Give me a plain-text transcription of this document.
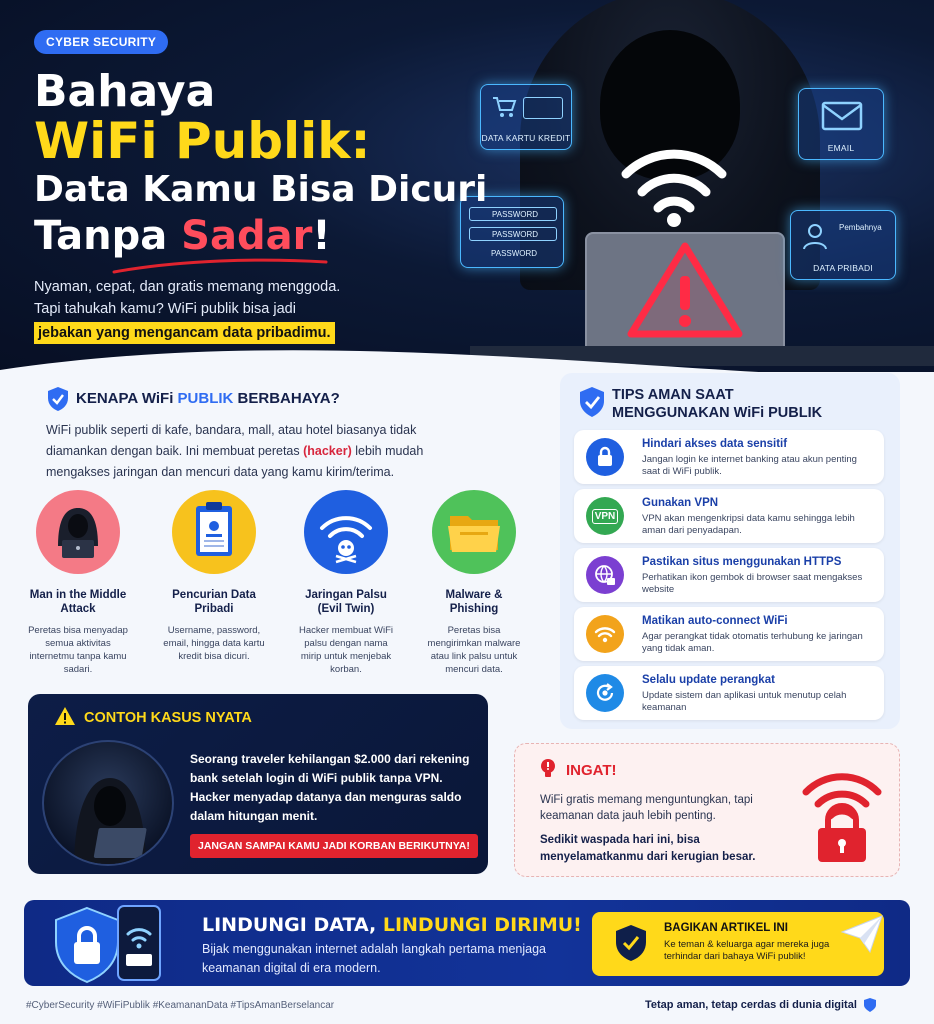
DATA KARTU KREDIT
PASSWORD
PASSWORD
PASSWORD
EMAIL
Pembahnya
DATA PRIBADI
CYBER SECURITY
Bahaya
WiFi Publik:
Data Kamu Bisa Dicuri
Tanpa Sadar!
Nyaman, cepat, dan gratis memang menggoda.
Tapi tahukah kamu? WiFi publik bisa jadi
jebakan yang mengancam data pribadimu.
KENAPA WiFi PUBLIK BERBAHAYA?
WiFi publik seperti di kafe, bandara, mall, atau hotel biasanya tidak diamankan dengan baik. Ini membuat peretas (hacker) lebih mudah mengakses jaringan dan mencuri data yang kamu kirim/terima.
Man in the Middle Attack
Peretas bisa menyadap semua aktivitas internetmu tanpa kamu sadari.
Pencurian Data Pribadi
Username, password, email, hingga data kartu kredit bisa dicuri.
Jaringan Palsu (Evil Twin)
Hacker membuat WiFi palsu dengan nama mirip untuk menjebak korban.
Malware & Phishing
Peretas bisa mengirimkan malware atau link palsu untuk mencuri data.
TIPS AMAN SAAT
MENGGUNAKAN WiFi PUBLIK
Hindari akses data sensitif
Jangan login ke internet banking atau akun penting saat di WiFi publik.
VPN
Gunakan VPN
VPN akan mengenkripsi data kamu sehingga lebih aman dari penyadapan.
Pastikan situs menggunakan HTTPS
Perhatikan ikon gembok di browser saat mengakses website
Matikan auto-connect WiFi
Agar perangkat tidak otomatis terhubung ke jaringan yang tidak aman.
Selalu update perangkat
Update sistem dan aplikasi untuk menutup celah keamanan
CONTOH KASUS NYATA
Seorang traveler kehilangan $2.000 dari rekening bank setelah login di WiFi publik tanpa VPN. Hacker menyadap datanya dan menguras saldo dalam hitungan menit.
JANGAN SAMPAI KAMU JADI KORBAN BERIKUTNYA!
INGAT!
WiFi gratis memang menguntungkan, tapi keamanan data jauh lebih penting.
Sedikit waspada hari ini, bisa menyelamatkanmu dari kerugian besar.
LINDUNGI DATA, LINDUNGI DIRIMU!
Bijak menggunakan internet adalah langkah pertama menjaga keamanan digital di era modern.
BAGIKAN ARTIKEL INI
Ke teman & keluarga agar mereka juga terhindar dari bahaya WiFi publik!
#CyberSecurity #WiFiPublik #KeamananData #TipsAmanBerselancar	Tetap aman, tetap cerdas di dunia digital
